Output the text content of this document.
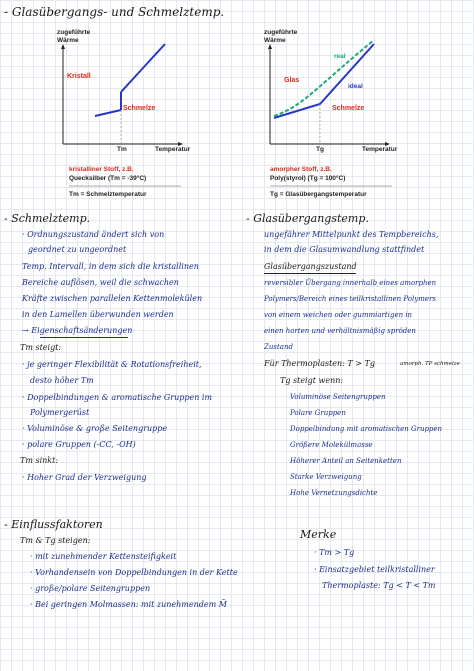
- Glasübergangs- und Schmelztemp.
zugeführte
Wärme
Kristall
Schmelze
Tm	Temperatur
kristalliner Stoff, z.B.
Quecksilber (Tm = -39°C)
Tm = Schmelztemperatur
zugeführte
Wärme
Glas
real
ideal
Schmelze
Tg	Temperatur
amorpher Stoff, z.B.
Poly(styrol) (Tg = 100°C)
Tg = Glasübergangstemperatur
- Schmelztemp.
· Ordnungszustand ändert sich von
geordnet zu ungeordnet
Temp. Intervall, in dem sich die kristallinen
Bereiche auflösen, weil die schwachen
Kräfte zwischen parallelen Kettenmolekülen
in den Lamellen überwunden werden
→ Eigenschaftsänderungen
Tm steigt:
· je geringer Flexibilität & Rotationsfreiheit,
desto höher Tm
· Doppelbindungen & aromatische Gruppen im
Polymergerüst
· Voluminöse & große Seitengruppe
· polare Gruppen (-CC, -OH)
Tm sinkt:
· Hoher Grad der Verzweigung
- Glasübergangstemp.
ungefährer Mittelpunkt des Tempbereichs,
in dem die Glasumwandlung stattfindet
Glasübergangszustand
reversibler Übergang innerhalb eines amorphen
Polymers/Bereich eines teilkristallinen Polymers
von einem weichen oder gummiartigen in
einen harten und verhältnismäßig spröden
Zustand
Für Thermoplasten: T > Tg	amorph. TP schmelze
Tg steigt wenn:
Voluminöse Seitengruppen
Polare Gruppen
Doppelbindung mit aromatischen Gruppen
Größere Molekülmasse
Höherer Anteil an Seitenketten
Starke Verzweigung
Hohe Vernetzungsdichte
- Einflussfaktoren
Tm & Tg steigen:
· mit zunehmender Kettensteifigkeit
· Vorhandensein von Doppelbindungen in der Kette
· große/polare Seitengruppen
· Bei geringen Molmassen: mit zunehmendem M̄
Merke
· Tm > Tg
· Einsatzgebiet teilkristalliner
Thermoplaste: Tg < T < Tm
